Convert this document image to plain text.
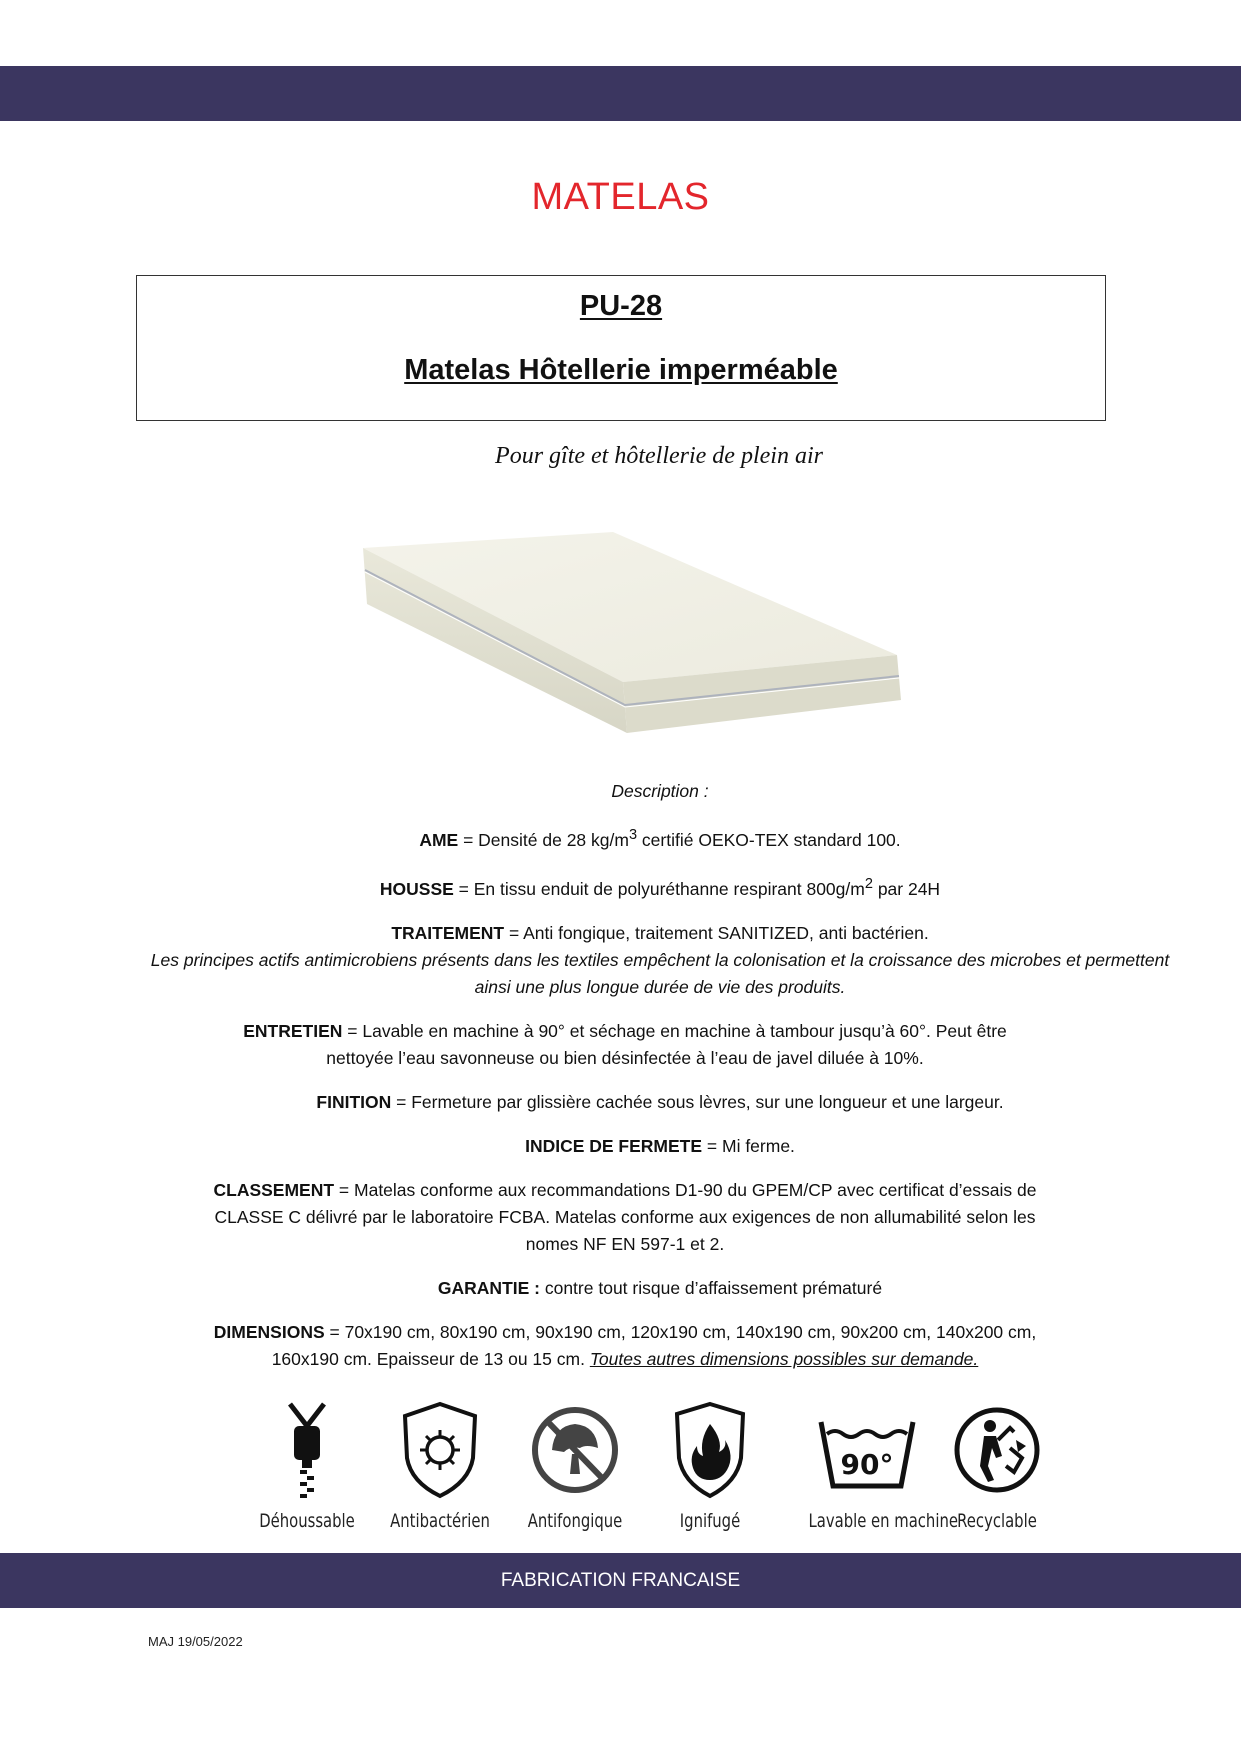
MATELAS
PU-28
Matelas Hôtellerie imperméable
Pour gîte et hôtellerie de plein air

Description :

AME = Densité de 28 $kg/m^3$ certifié OEKO-TEX standard 100.

HOUSSE = En tissu enduit de polyuréthanne respirant $800g/m^2$ par 24H

TRAITEMENT = Anti fongique, traitement SANITIZED, anti bactérien.
Les principes actifs antimicrobiens présents dans les textiles empêchent la colonisation et la croissance des microbes et permettent ainsi une plus longue durée de vie des produits.

ENTRETIEN = Lavable en machine à 90° et séchage en machine à tambour jusqu’à 60°. Peut être nettoyée l’eau savonneuse ou bien désinfectée à l’eau de javel diluée à 10%.

FINITION = Fermeture par glissière cachée sous lèvres, sur une longueur et une largeur.

INDICE DE FERMETE = Mi ferme.

CLASSEMENT = Matelas conforme aux recommandations D1-90 du GPEM/CP avec certificat d’essais de CLASSE C délivré par le laboratoire FCBA. Matelas conforme aux exigences de non allumabilité selon les nomes NF EN 597-1 et 2.

GARANTIE : contre tout risque d’affaissement prématuré

DIMENSIONS = 70x190 cm, 80x190 cm, 90x190 cm, 120x190 cm, 140x190 cm, 90x200 cm, 140x200 cm, 160x190 cm. Epaisseur de 13 ou 15 cm. Toutes autres dimensions possibles sur demande.

Déhoussable	Antibactérien	Antifongique	Ignifugé
90°
Lavable en machine Recyclable
FABRICATION FRANCAISE
MAJ 19/05/2022
